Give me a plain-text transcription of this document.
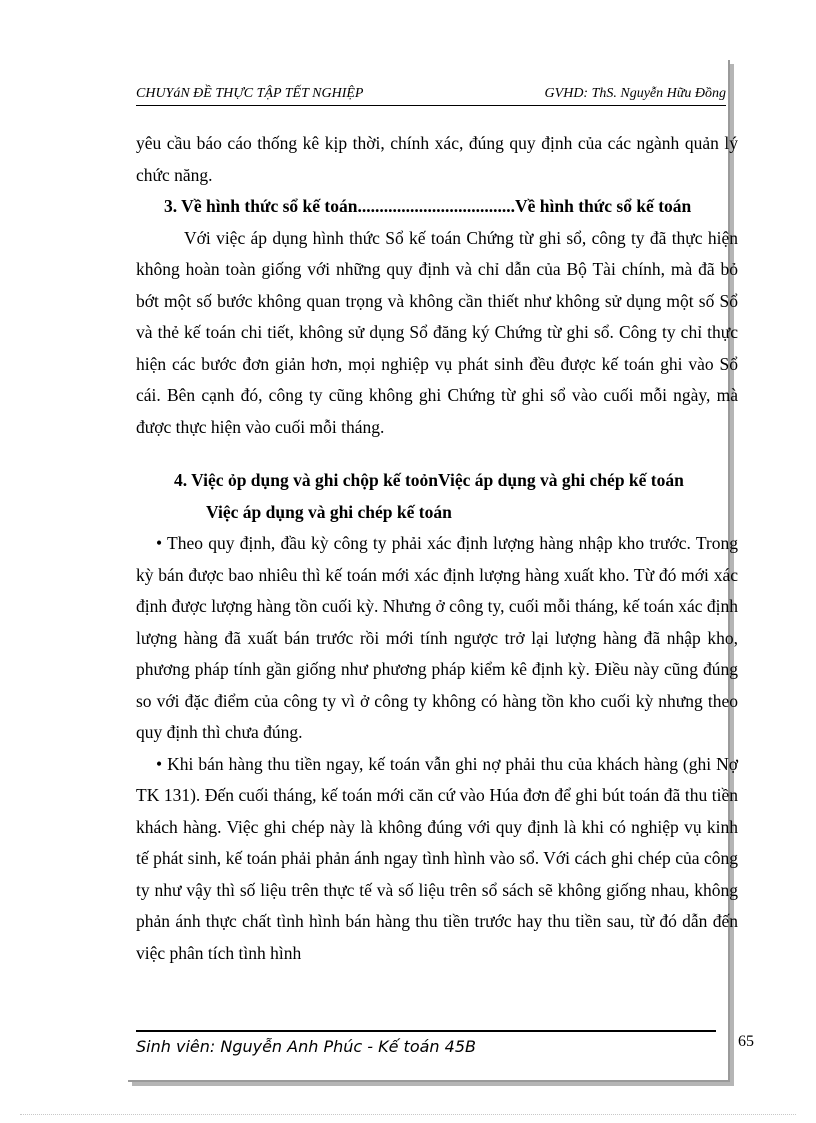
CHUYáN ĐỀ THỰC TẬP TẾT NGHIỆP	GVHD: ThS. Nguyễn Hữu Đồng

yêu cầu báo cáo thống kê kịp thời, chính xác, đúng quy định của các ngành quản lý chức năng.

3. Về hình thức sổ kế toán....................................Về hình thức sổ kế toán

Với việc áp dụng hình thức Sổ kế toán Chứng từ ghi sổ, công ty đã thực hiện không hoàn toàn giống với những quy định và chỉ dẫn của Bộ Tài chính, mà đã bỏ bớt một số bước không quan trọng và không cần thiết như không sử dụng một số Sổ và thẻ kế toán chi tiết, không sử dụng Sổ đăng ký Chứng từ ghi sổ. Công ty chỉ thực hiện các bước đơn giản hơn, mọi nghiệp vụ phát sinh đều được kế toán ghi vào Sổ cái. Bên cạnh đó, công ty cũng không ghi Chứng từ ghi sổ vào cuối mỗi ngày, mà được thực hiện vào cuối mỗi tháng.

4. Việc ỏp dụng và ghi chộp kế toỏnViệc áp dụng và ghi chép kế toán

Việc áp dụng và ghi chép kế toán

• Theo quy định, đầu kỳ công ty phải xác định lượng hàng nhập kho trước. Trong kỳ bán được bao nhiêu thì kế toán mới xác định lượng hàng xuất kho. Từ đó mới xác định được lượng hàng tồn cuối kỳ. Nhưng ở công ty, cuối mỗi tháng, kế toán xác định lượng hàng đã xuất bán trước rồi mới tính ngược trở lại lượng hàng đã nhập kho, phương pháp tính gần giống như phương pháp kiểm kê định kỳ. Điều này cũng đúng so với đặc điểm của công ty vì ở công ty không có hàng tồn kho cuối kỳ nhưng theo quy định thì chưa đúng.

• Khi bán hàng thu tiền ngay, kế toán vẫn ghi nợ phải thu của khách hàng (ghi Nợ TK 131). Đến cuối tháng, kế toán mới căn cứ vào Húa đơn để ghi bút toán đã thu tiền khách hàng. Việc ghi chép này là không đúng với quy định là khi có nghiệp vụ kinh tế phát sinh, kế toán phải phản ánh ngay tình hình vào sổ. Với cách ghi chép của công ty như vậy thì số liệu trên thực tế và số liệu trên sổ sách sẽ không giống nhau, không phản ánh thực chất tình hình bán hàng thu tiền trước hay thu tiền sau, từ đó dẫn đến việc phân tích tình hình

Sinh viên: Nguyễn Anh Phúc - Kế toán 45B	65
